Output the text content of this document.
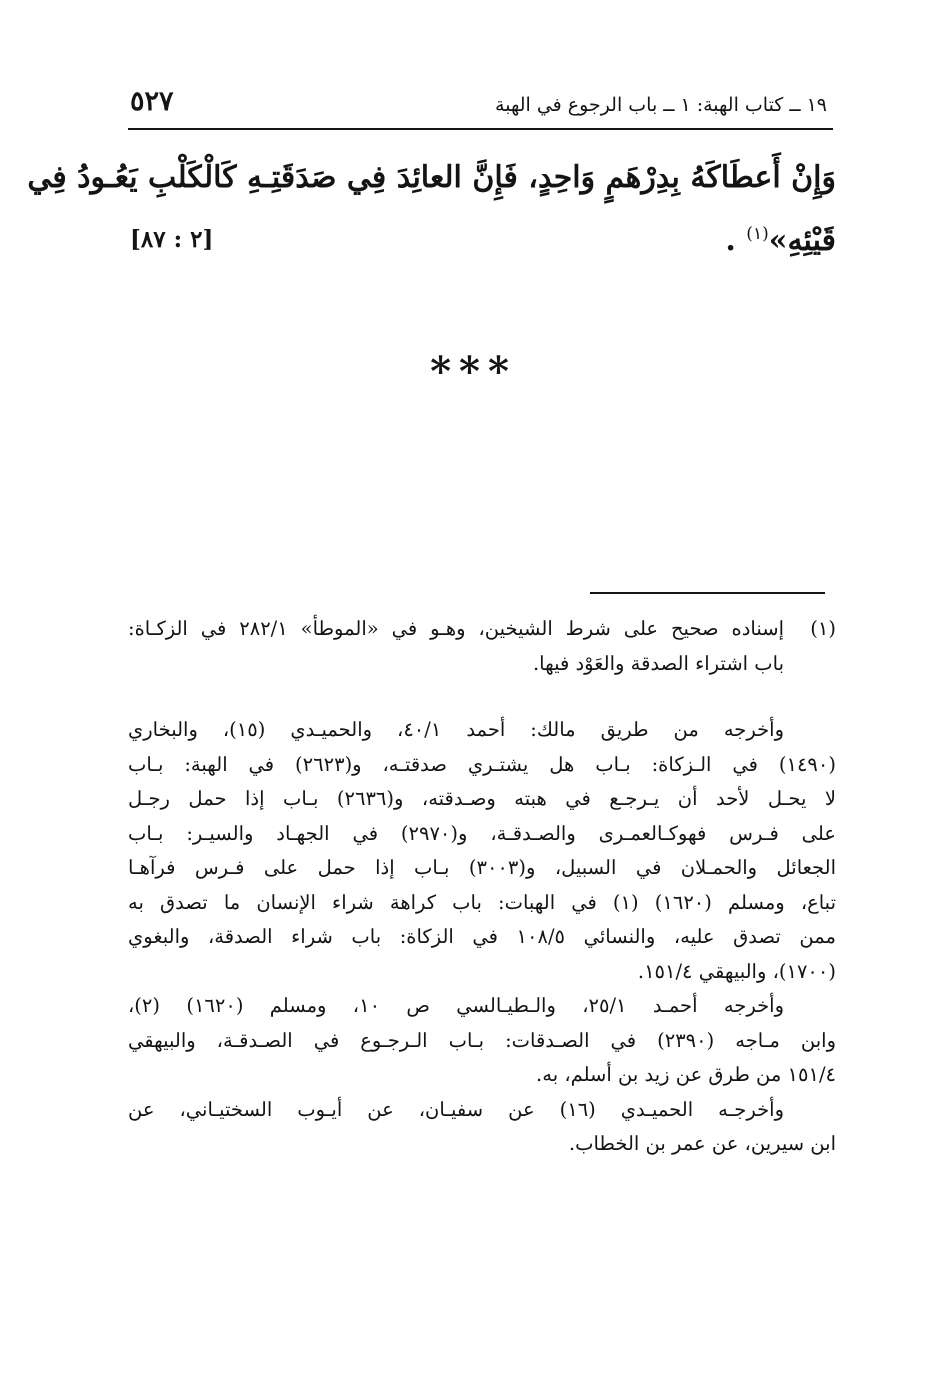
١٩ ــ كتاب الهبة: ١ ــ باب الرجوع في الهبة
٥٢٧
وَإِنْ أَعطَاكَهُ بِدِرْهَمٍ وَاحِدٍ، فَإِنَّ العائِدَ فِي صَدَقَتِـهِ كَالْكَلْبِ يَعُـودُ فِي
قَيْئِهِ»$^{(١)}$ .
[٢ : ٨٧]
***
(١)
إسناده صحيح على شرط الشيخين، وهـو في «الموطأ» ٢٨٢/١ في الزكـاة:
باب اشتراء الصدقة والعَوْد فيها.
وأخرجه من طريق مالك: أحمد ٤٠/١، والحميـدي (١٥)، والبخاري
(١٤٩٠) في الـزكاة: بـاب هل يشتـري صدقتـه، و(٢٦٢٣) في الهبة: بـاب
لا يحـل لأحد أن يـرجـع في هبته وصـدقته، و(٢٦٣٦) بـاب إذا حمل رجـل
على فـرس فهوكـالعمـرى والصـدقـة، و(٢٩٧٠) في الجهـاد والسيـر: بـاب
الجعائل والحمـلان في السبيل، و(٣٠٠٣) بـاب إذا حمل على فـرس فرآهـا
تباع، ومسلم (١٦٢٠) (١) في الهبات: باب كراهة شراء الإنسان ما تصدق به
ممن تصدق عليه، والنسائي ١٠٨/٥ في الزكاة: باب شراء الصدقة، والبغوي
(١٧٠٠)، والبيهقي ١٥١/٤.
وأخرجه أحمـد ٢٥/١، والـطيـالسي ص ١٠، ومسلم (١٦٢٠) (٢)،
وابن مـاجه (٢٣٩٠) في الصـدقات: بـاب الـرجـوع في الصـدقـة، والبيهقي
١٥١/٤ من طرق عن زيد بن أسلم، به.
وأخرجـه الحميـدي (١٦) عن سفيـان، عن أيـوب السختيـاني، عن
ابن سيرين، عن عمر بن الخطاب.
